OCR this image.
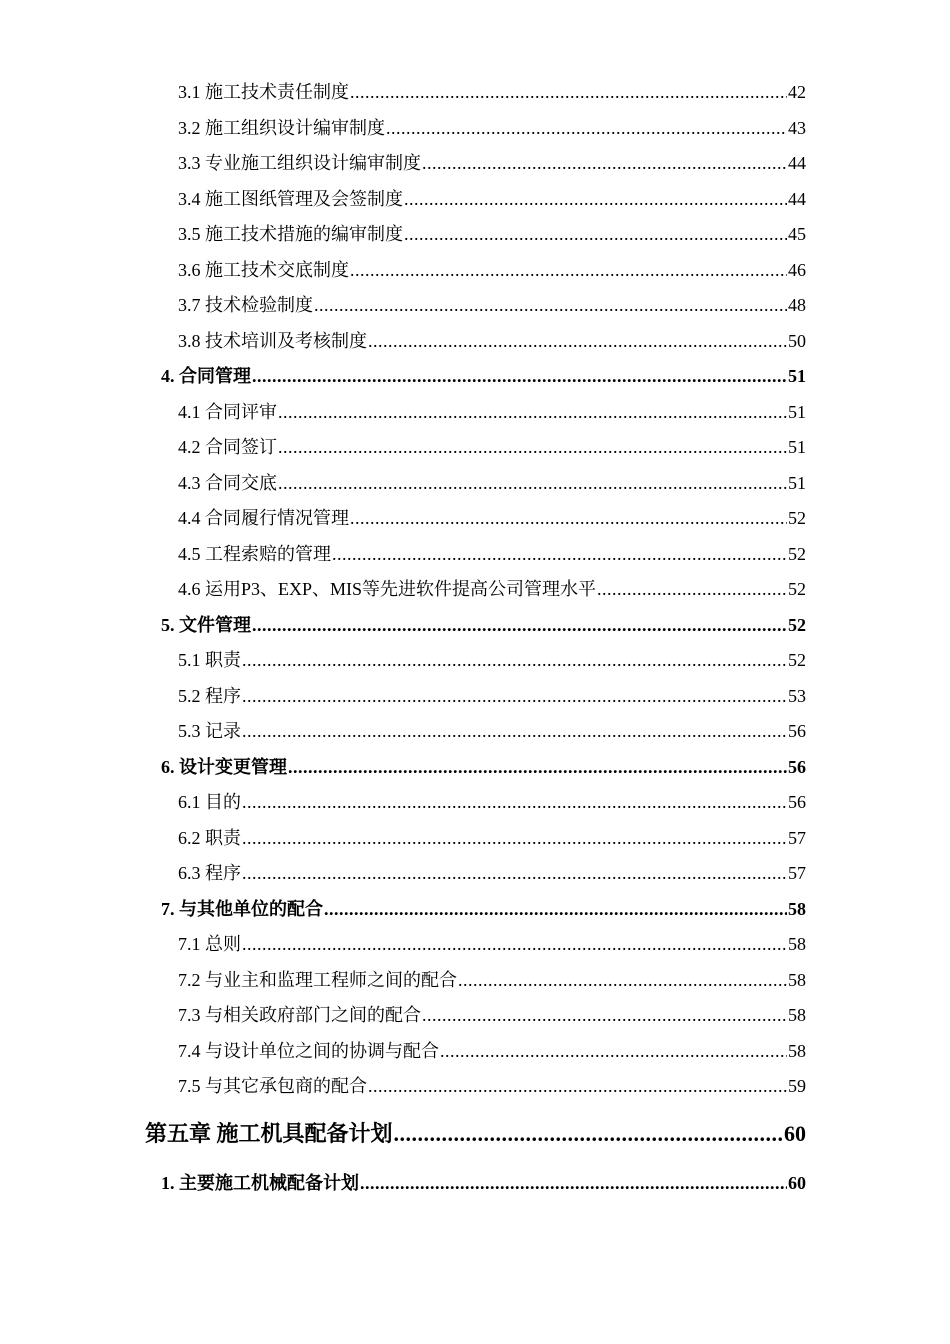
3.1 施工技术责任制度 .....	42
3.2 施工组织设计编审制度 .....	43
3.3 专业施工组织设计编审制度 .....	44
3.4 施工图纸管理及会签制度 .....	44
3.5 施工技术措施的编审制度 .....	45
3.6 施工技术交底制度 .....	46
3.7 技术检验制度 .....	48
3.8 技术培训及考核制度 .....	50
4. 合同管理 .....	51
4.1 合同评审 .....	51
4.2 合同签订 .....	51
4.3 合同交底 .....	51
4.4 合同履行情况管理 .....	52
4.5 工程索赔的管理 .....	52
4.6 运用P3、EXP、MIS等先进软件提高公司管理水平 .....	52
5. 文件管理 .....	52
5.1 职责 .....	52
5.2 程序 .....	53
5.3 记录 .....	56
6. 设计变更管理 .....	56
6.1 目的 .....	56
6.2 职责 .....	57
6.3 程序 .....	57
7. 与其他单位的配合 .....	58
7.1 总则 .....	58
7.2 与业主和监理工程师之间的配合 .....	58
7.3 与相关政府部门之间的配合 .....	58
7.4 与设计单位之间的协调与配合 .....	58
7.5 与其它承包商的配合 .....	59
第五章 施工机具配备计划 .....	60
1. 主要施工机械配备计划 .....	60
